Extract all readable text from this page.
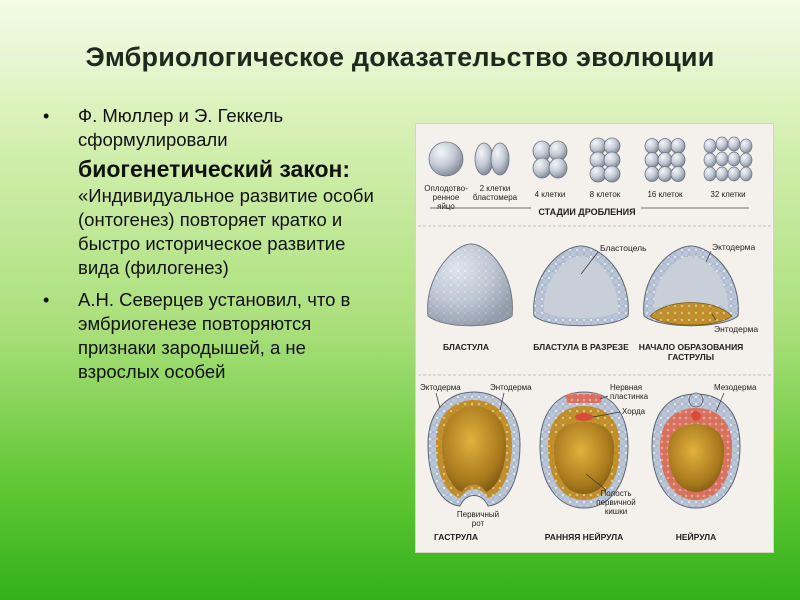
Эмбриологическое доказательство эволюции
• Ф. Мюллер и Э. Геккель сформулировали
биогенетический закон:
«Индивидуальное развитие особи (онтогенез) повторяет кратко и быстро историческое развитие вида (филогенез)
• А.Н. Северцев установил, что в эмбриогенезе повторяются признаки зародышей, а не взрослых особей
Оплодотво-
ренное
яйцо
2 клетки
бластомера 4 клетки	8 клеток	16 клеток	32 клетки
СТАДИИ ДРОБЛЕНИЯ
Бластоцель	Эктодерма
Энтодерма
БЛАСТУЛА	БЛАСТУЛА В РАЗРЕЗЕ НАЧАЛО ОБРАЗОВАНИЯ
ГАСТРУЛЫ
Эктодерма	Энтодерма	Нервная
пластинка
Хорда
Мезодерма
Первичный
рот
Полость
первичной
кишки
ГАСТРУЛА	РАННЯЯ НЕЙРУЛА	НЕЙРУЛА
